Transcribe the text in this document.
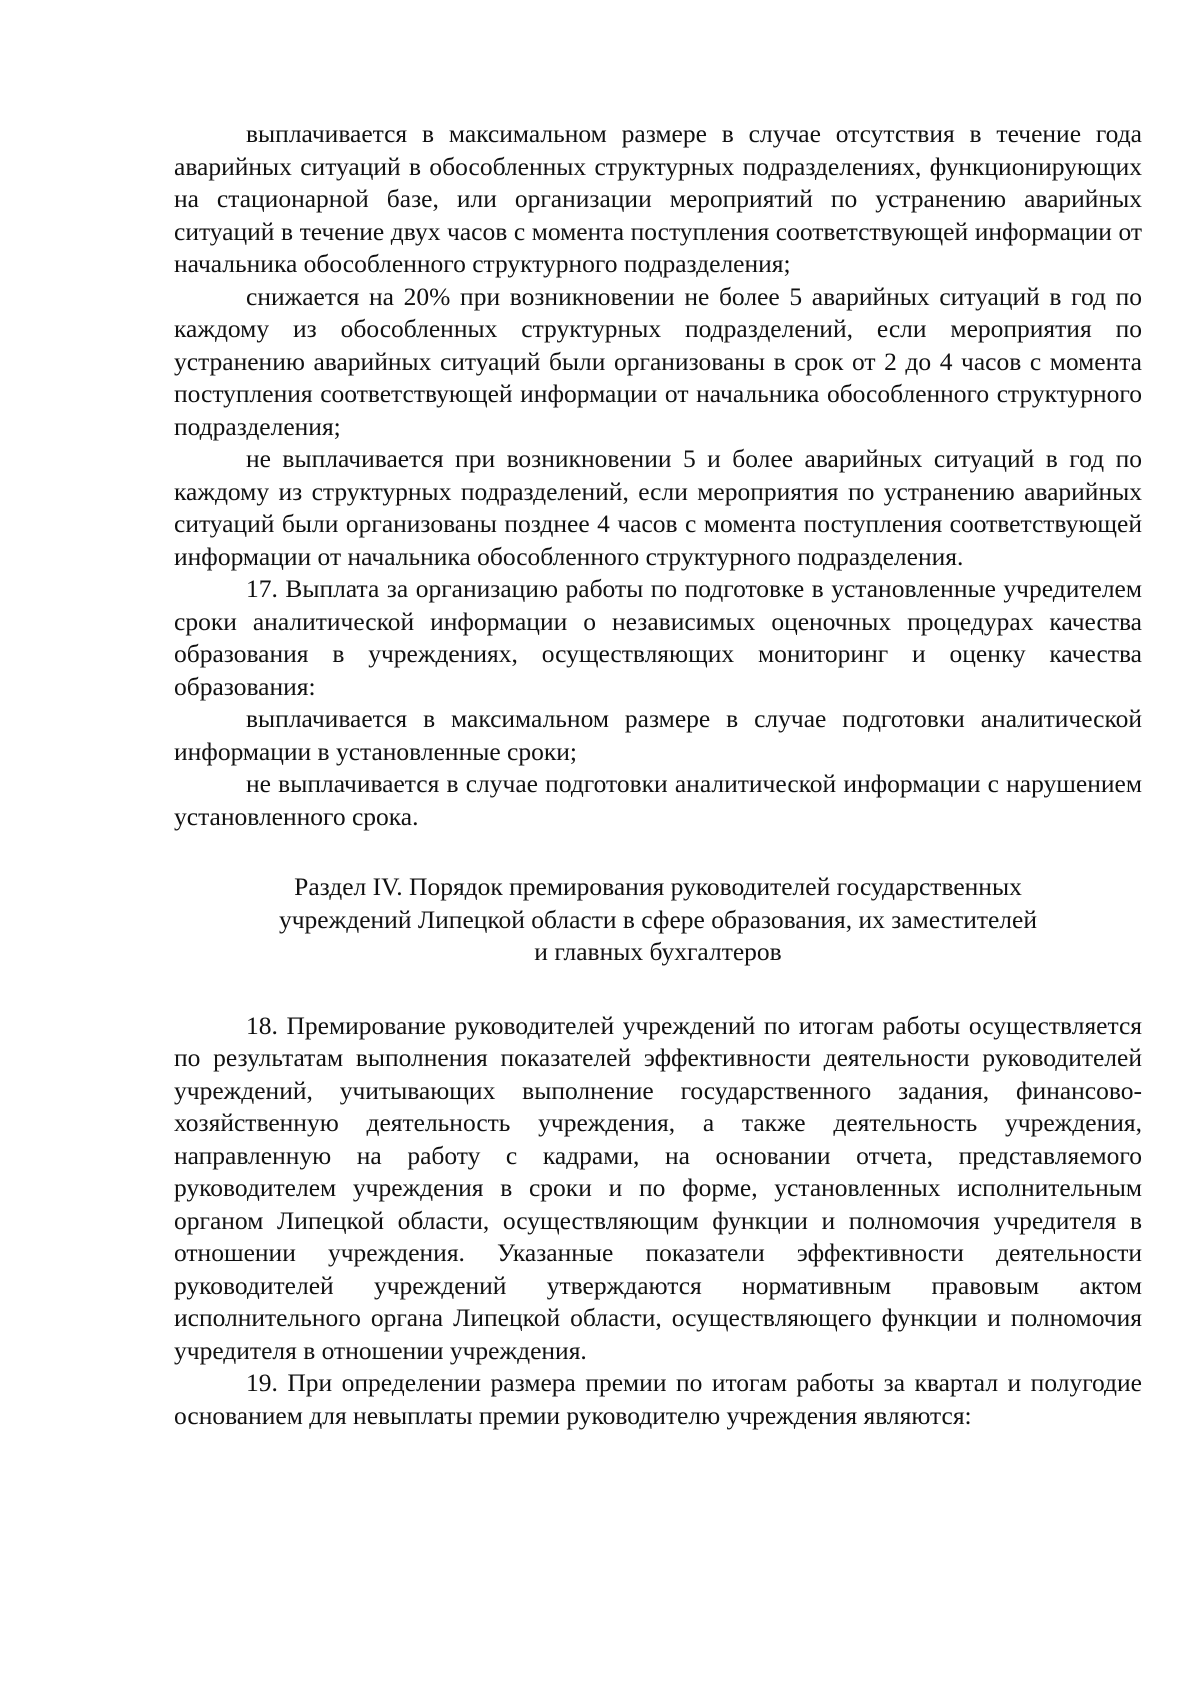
выплачивается в максимальном размере в случае отсутствия в течение года аварийных ситуаций в обособленных структурных подразделениях, функционирующих на стационарной базе, или организации мероприятий по устранению аварийных ситуаций в течение двух часов с момента поступления соответствующей информации от начальника обособленного структурного подразделения;

снижается на 20% при возникновении не более 5 аварийных ситуаций в год по каждому из обособленных структурных подразделений, если мероприятия по устранению аварийных ситуаций были организованы в срок от 2 до 4 часов с момента поступления соответствующей информации от начальника обособленного структурного подразделения;

не выплачивается при возникновении 5 и более аварийных ситуаций в год по каждому из структурных подразделений, если мероприятия по устранению аварийных ситуаций были организованы позднее 4 часов с момента поступления соответствующей информации от начальника обособленного структурного подразделения.

17. Выплата за организацию работы по подготовке в установленные учредителем сроки аналитической информации о независимых оценочных процедурах качества образования в учреждениях, осуществляющих мониторинг и оценку качества образования:

выплачивается в максимальном размере в случае подготовки аналитической информации в установленные сроки;

не выплачивается в случае подготовки аналитической информации с нарушением установленного срока.

Раздел IV. Порядок премирования руководителей государственных
учреждений Липецкой области в сфере образования, их заместителей
и главных бухгалтеров

18. Премирование руководителей учреждений по итогам работы осуществляется по результатам выполнения показателей эффективности деятельности руководителей учреждений, учитывающих выполнение государственного задания, финансово-хозяйственную деятельность учреждения, а также деятельность учреждения, направленную на работу с кадрами, на основании отчета, представляемого руководителем учреждения в сроки и по форме, установленных исполнительным органом Липецкой области, осуществляющим функции и полномочия учредителя в отношении учреждения. Указанные показатели эффективности деятельности руководителей учреждений утверждаются нормативным правовым актом исполнительного органа Липецкой области, осуществляющего функции и полномочия учредителя в отношении учреждения.

19. При определении размера премии по итогам работы за квартал и полугодие основанием для невыплаты премии руководителю учреждения являются:
